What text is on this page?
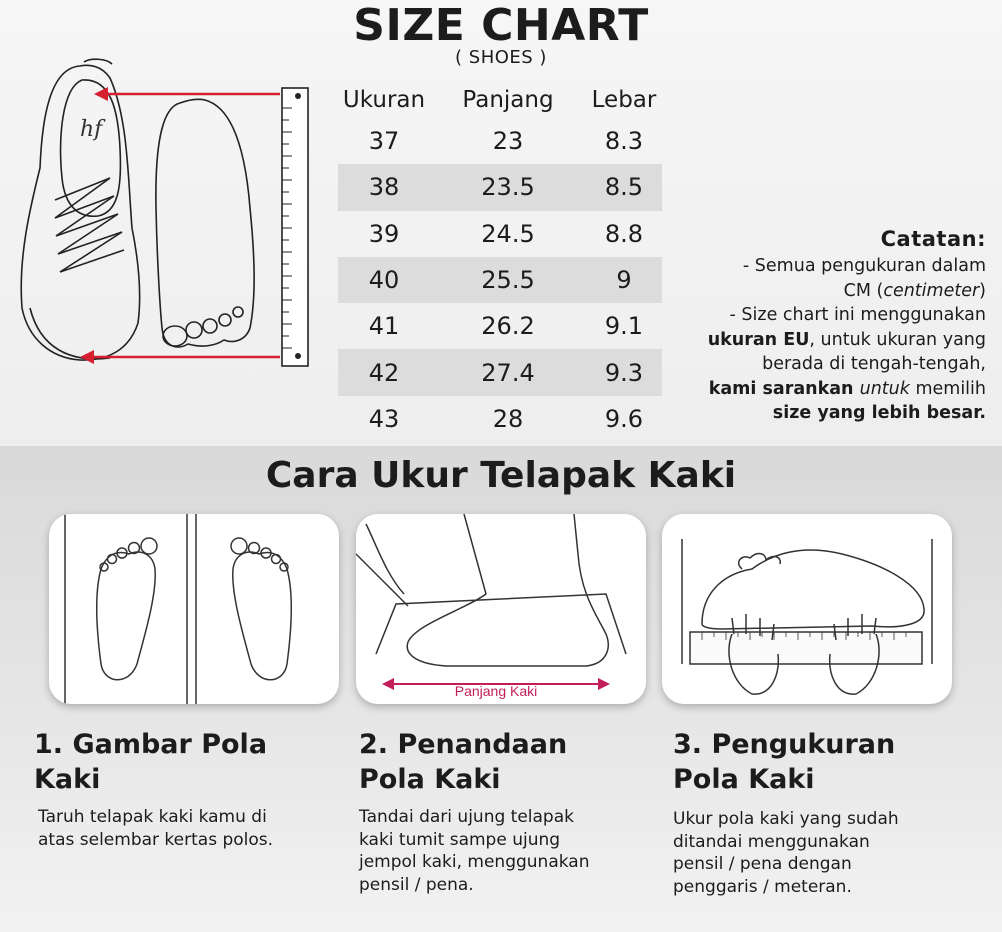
SIZE CHART
( SHOES )
hf
Ukuran	Panjang	Lebar
37	23	8.3
38	23.5	8.5
39	24.5	8.8
40	25.5	9
41	26.2	9.1
42	27.4	9.3
43	28	9.6
Catatan:
- Semua pengukuran dalam
CM (centimeter)
- Size chart ini menggunakan
ukuran EU, untuk ukuran yang
berada di tengah-tengah,
kami sarankan untuk memilih
size yang lebih besar.
Cara Ukur Telapak Kaki
Panjang Kaki
1. Gambar Pola
Kaki
Taruh telapak kaki kamu di
atas selembar kertas polos.
2. Penandaan
Pola Kaki
Tandai dari ujung telapak
kaki tumit sampe ujung
jempol kaki, menggunakan
pensil / pena.
3. Pengukuran
Pola Kaki
Ukur pola kaki yang sudah
ditandai menggunakan
pensil / pena dengan
penggaris / meteran.
